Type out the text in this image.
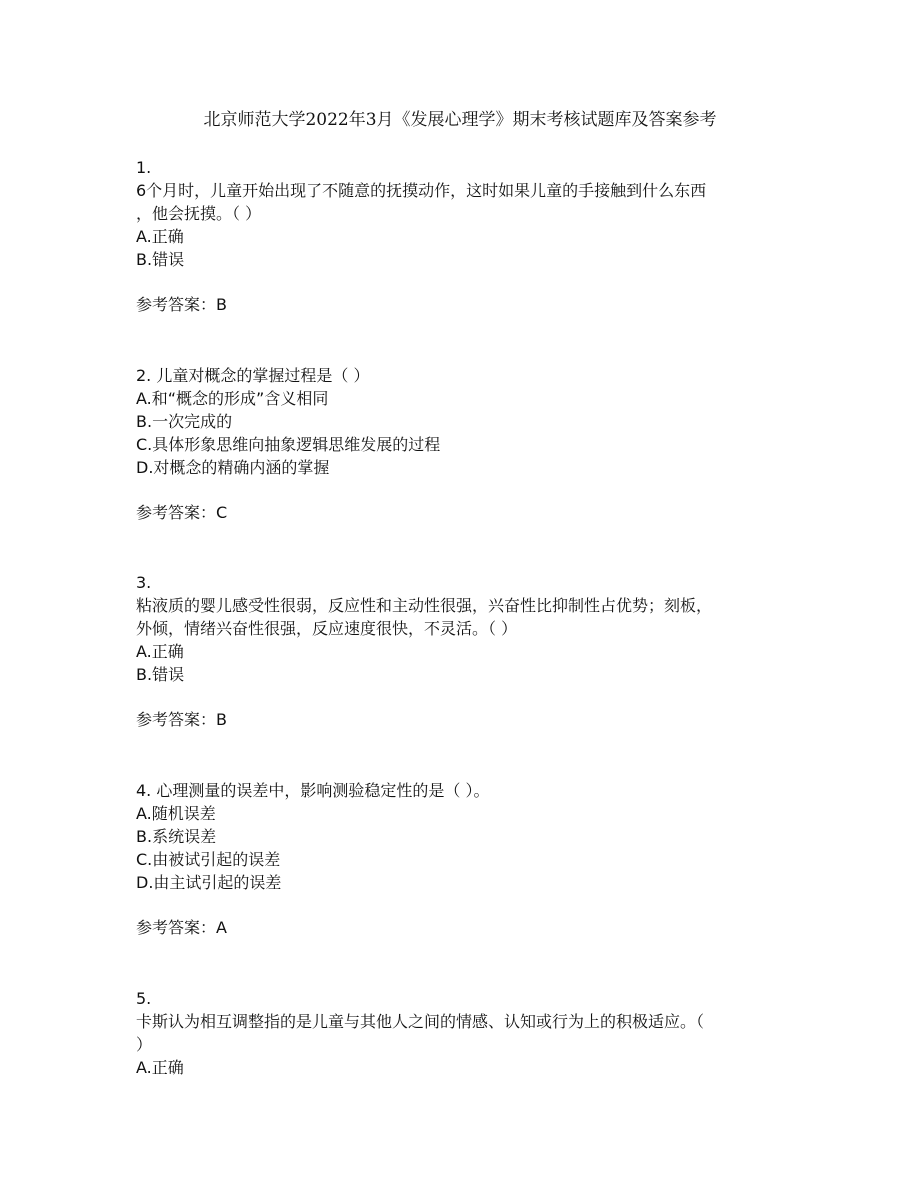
北京师范大学2022年3月《发展心理学》期末考核试题库及答案参考
1.
6个月时，儿童开始出现了不随意的抚摸动作，这时如果儿童的手接触到什么东西
，他会抚摸。（ ）
A.正确
B.错误
参考答案：B
2. 儿童对概念的掌握过程是（ ）
A.和“概念的形成”含义相同
B.一次完成的
C.具体形象思维向抽象逻辑思维发展的过程
D.对概念的精确内涵的掌握
参考答案：C
3.
粘液质的婴儿感受性很弱，反应性和主动性很强，兴奋性比抑制性占优势；刻板，
外倾，情绪兴奋性很强，反应速度很快，不灵活。（ ）
A.正确
B.错误
参考答案：B
4. 心理测量的误差中，影响测验稳定性的是（ ）。
A.随机误差
B.系统误差
C.由被试引起的误差
D.由主试引起的误差
参考答案：A
5.
卡斯认为相互调整指的是儿童与其他人之间的情感、认知或行为上的积极适应。（
）
A.正确
